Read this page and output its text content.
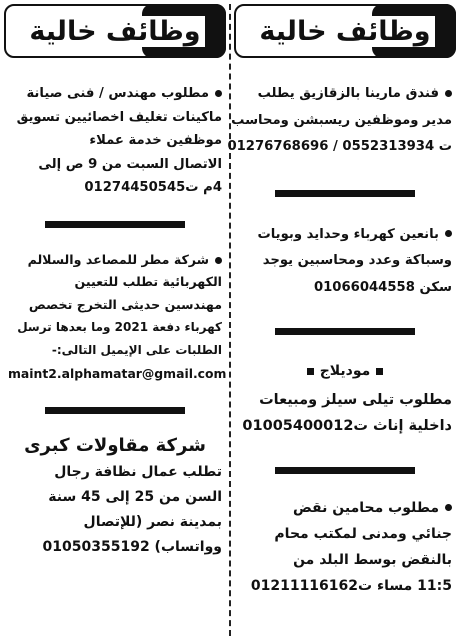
وظائف خالية
فندق مارينا بالزقازيق يطلب
مدير وموظفين ريسبشن ومحاسب
ت 0552313934 / 01276768696
بانعين كهرباء وحدايد وبويات
وسباكة وعدد ومحاسبين يوجد
سكن 01066044558
موديلاج
مطلوب تيلى سيلز ومبيعات
داخلية إناث ت01005400012
مطلوب محامين نقض
جنائي ومدنى لمكتب محام
بالنقض بوسط البلد من
11:5 مساء ت01211116162
وظائف خالية
مطلوب مهندس / فنى صيانة
ماكينات تغليف اخصائيين تسويق
موظفين خدمة عملاء
الاتصال السبت من 9 ص إلى
4م ت01274450545
شركة مطر للمصاعد والسلالم
الكهربائية تطلب للتعيين
مهندسين حديثى التخرج تخصص
كهرباء دفعة 2021 وما بعدها ترسل
الطلبات على الإيميل التالى:-
maint2.alphamatar@gmail.com
شركة مقاولات كبرى
تطلب عمال نظافة رجال
السن من 25 إلى 45 سنة
بمدينة نصر (للإتصال
وواتساب) 01050355192
